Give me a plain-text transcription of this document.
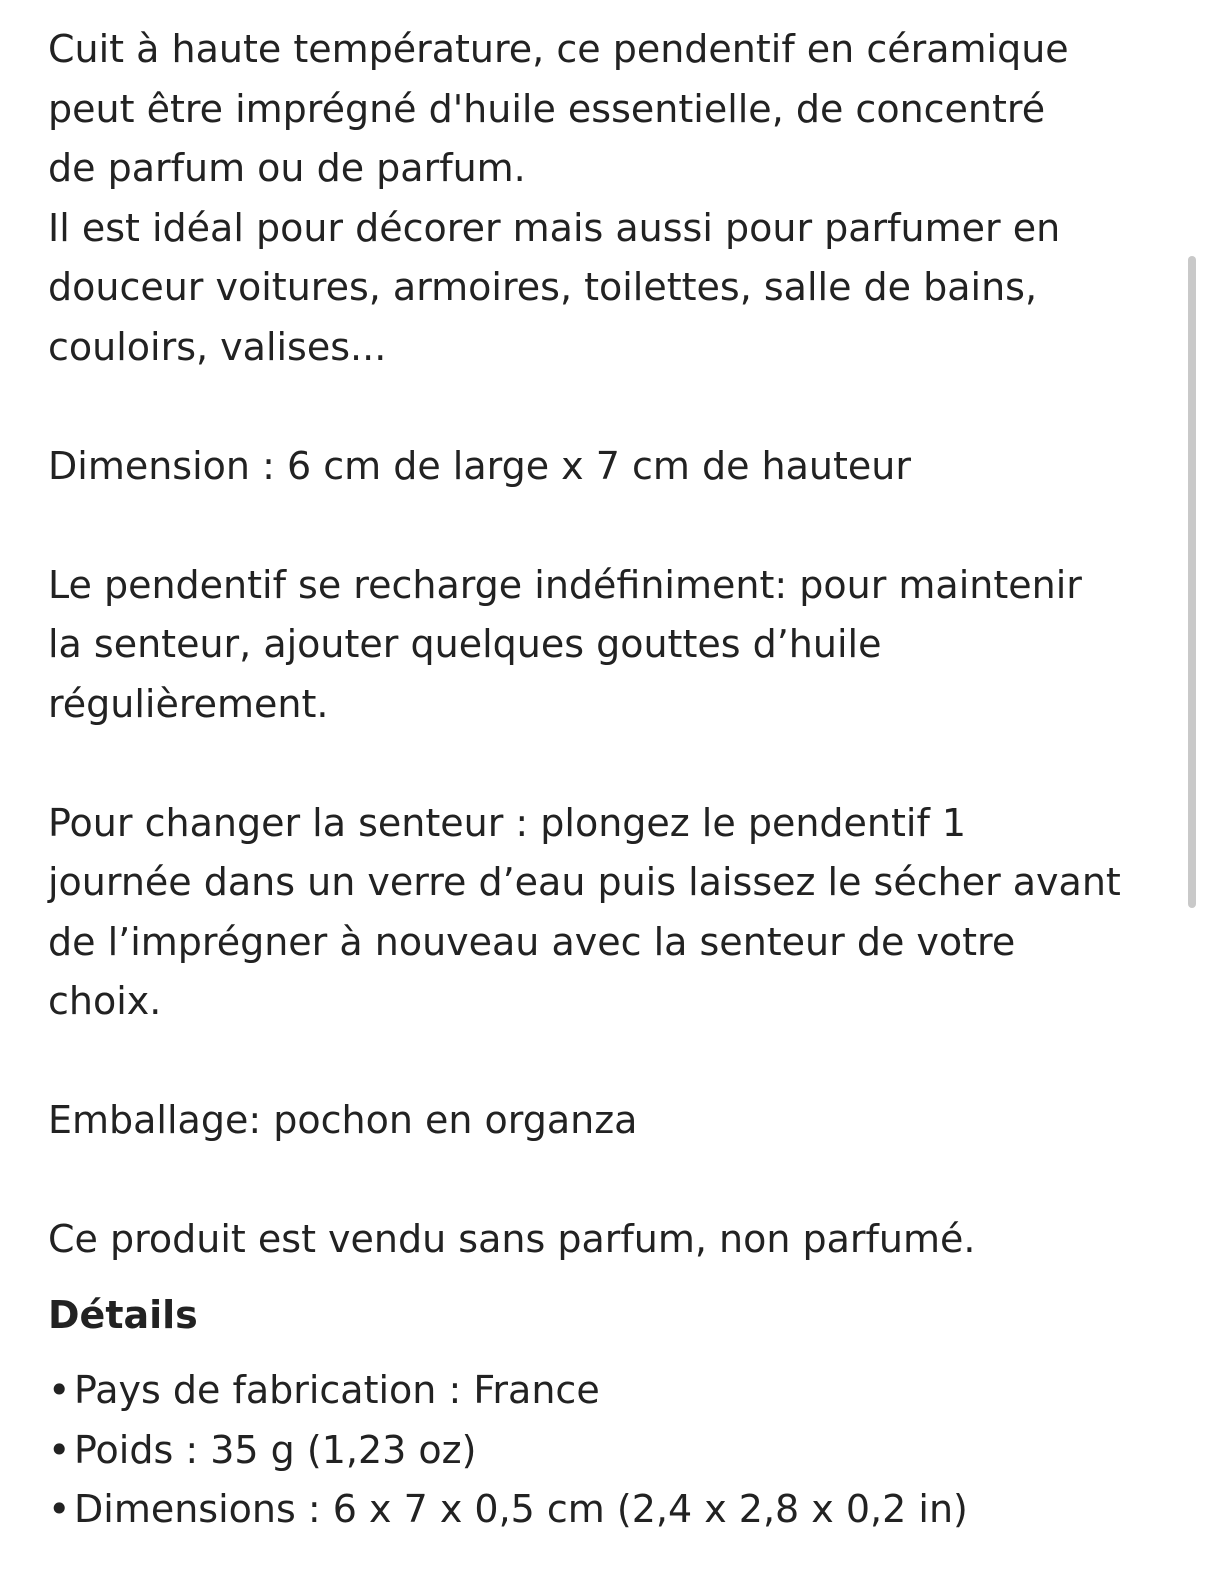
Cuit à haute température, ce pendentif en céramique
peut être imprégné d'huile essentielle, de concentré
de parfum ou de parfum.
Il est idéal pour décorer mais aussi pour parfumer en
douceur voitures, armoires, toilettes, salle de bains,
couloirs, valises...

Dimension : 6 cm de large x 7 cm de hauteur

Le pendentif se recharge indéfiniment: pour maintenir
la senteur, ajouter quelques gouttes d’huile
régulièrement.

Pour changer la senteur : plongez le pendentif 1
journée dans un verre d’eau puis laissez le sécher avant
de l’imprégner à nouveau avec la senteur de votre
choix.

Emballage: pochon en organza

Ce produit est vendu sans parfum, non parfumé.

Détails
•Pays de fabrication : France
•Poids : 35 g (1,23 oz)
•Dimensions : 6 x 7 x 0,5 cm (2,4 x 2,8 x 0,2 in)
